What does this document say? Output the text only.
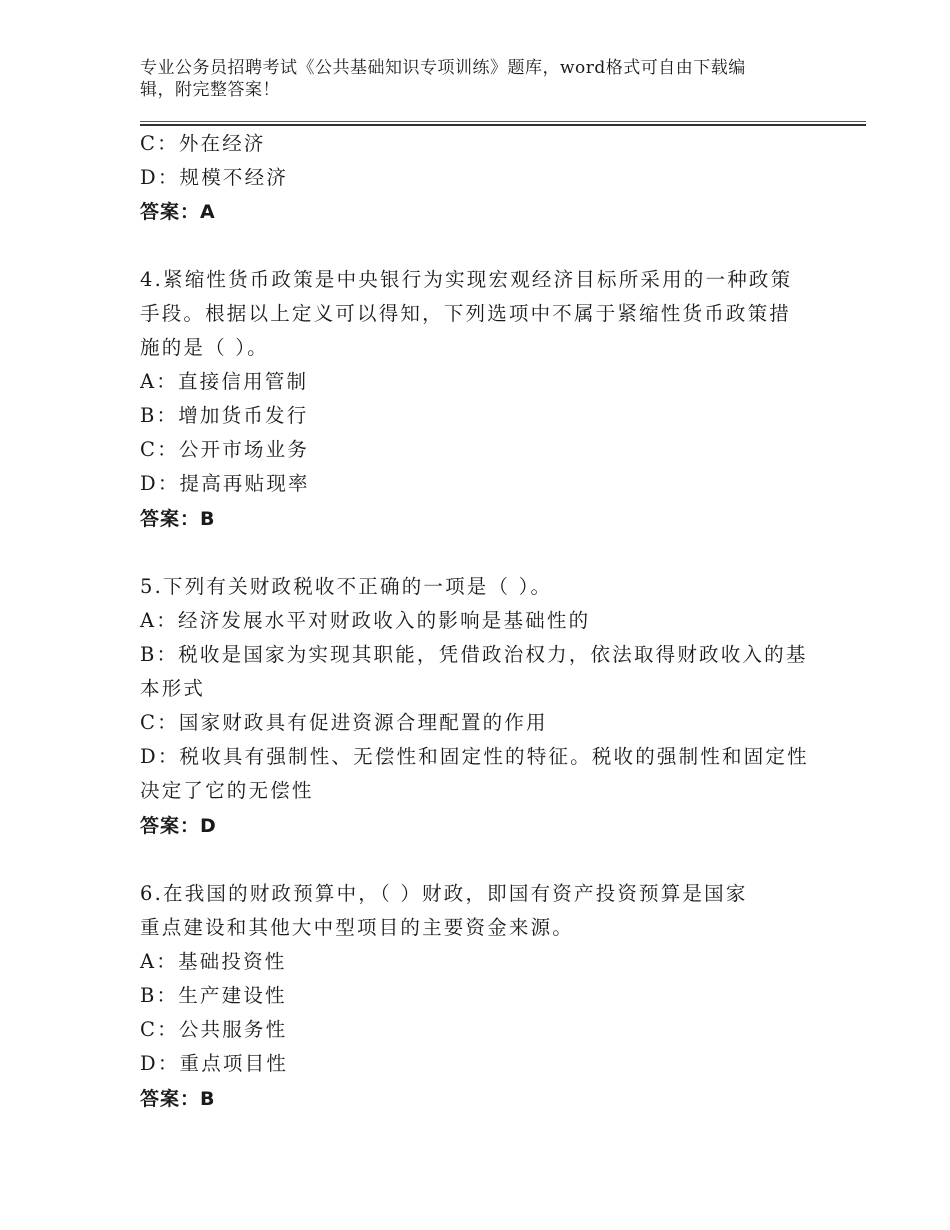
专业公务员招聘考试《公共基础知识专项训练》题库，word格式可自由下载编
辑，附完整答案！
C：外在经济
D：规模不经济
答案：A
4.紧缩性货币政策是中央银行为实现宏观经济目标所采用的一种政策
手段。根据以上定义可以得知，下列选项中不属于紧缩性货币政策措
施的是（ ）。
A：直接信用管制
B：增加货币发行
C：公开市场业务
D：提高再贴现率
答案：B
5.下列有关财政税收不正确的一项是（ ）。
A：经济发展水平对财政收入的影响是基础性的
B：税收是国家为实现其职能，凭借政治权力，依法取得财政收入的基
本形式
C：国家财政具有促进资源合理配置的作用
D：税收具有强制性、无偿性和固定性的特征。税收的强制性和固定性
决定了它的无偿性
答案：D
6.在我国的财政预算中，（ ）财政，即国有资产投资预算是国家
重点建设和其他大中型项目的主要资金来源。
A：基础投资性
B：生产建设性
C：公共服务性
D：重点项目性
答案：B
